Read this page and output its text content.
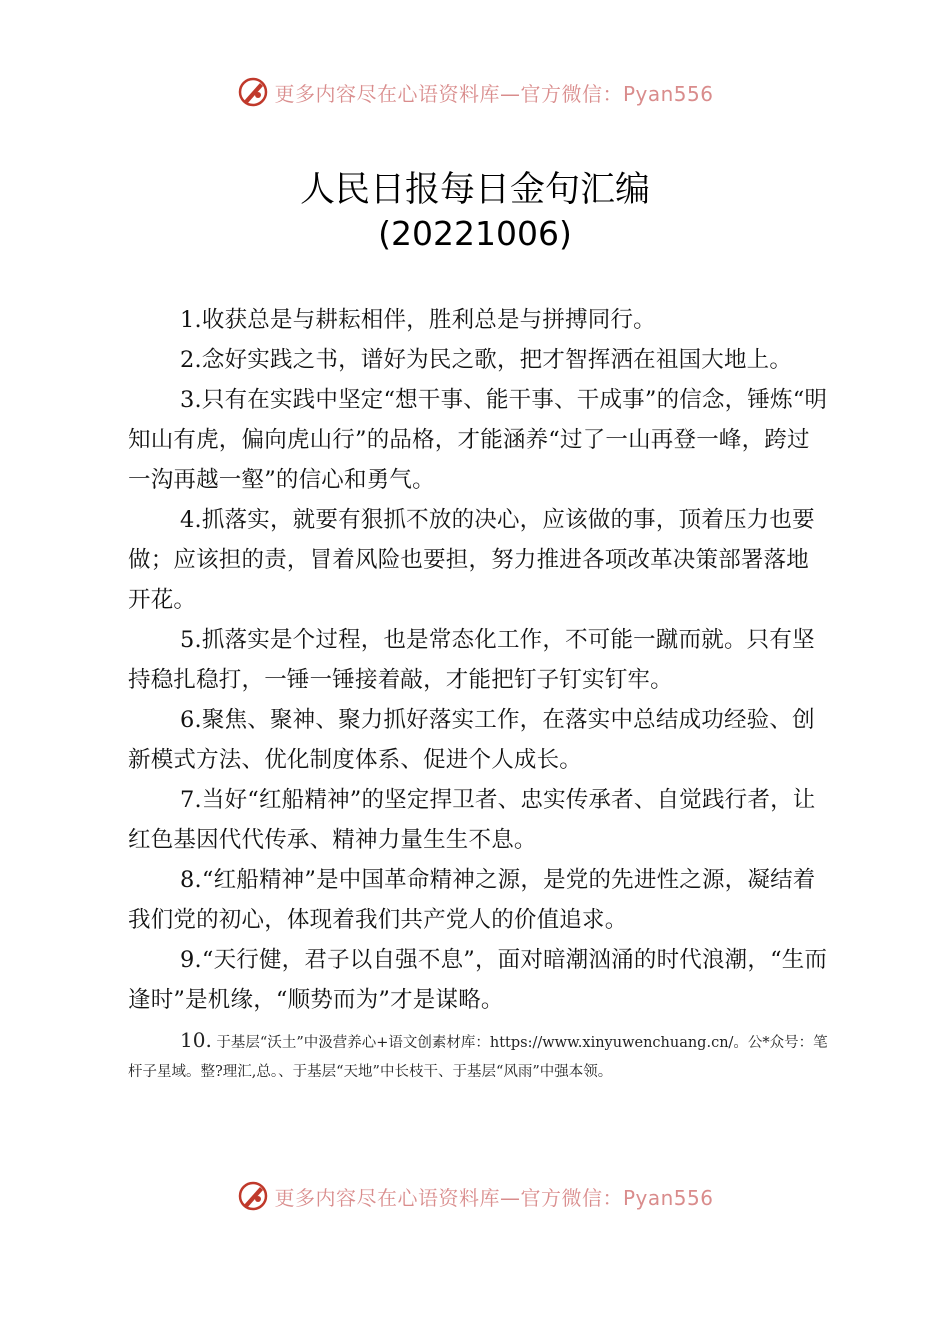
更多内容尽在心语资料库—官方微信：Pyan556
人民日报每日金句汇编
(20221006)

1.收获总是与耕耘相伴，胜利总是与拼搏同行。

2.念好实践之书，谱好为民之歌，把才智挥洒在祖国大地上。

3.只有在实践中坚定“想干事、能干事、干成事”的信念，锤炼“明知山有虎，偏向虎山行”的品格，才能涵养“过了一山再登一峰，跨过一沟再越一壑”的信心和勇气。

4.抓落实，就要有狠抓不放的决心，应该做的事，顶着压力也要做；应该担的责，冒着风险也要担，努力推进各项改革决策部署落地开花。

5.抓落实是个过程，也是常态化工作，不可能一蹴而就。只有坚持稳扎稳打，一锤一锤接着敲，才能把钉子钉实钉牢。

6.聚焦、聚神、聚力抓好落实工作，在落实中总结成功经验、创新模式方法、优化制度体系、促进个人成长。

7.当好“红船精神”的坚定捍卫者、忠实传承者、自觉践行者，让红色基因代代传承、精神力量生生不息。

8.“红船精神”是中国革命精神之源，是党的先进性之源，凝结着我们党的初心，体现着我们共产党人的价值追求。

9.“天行健，君子以自强不息”，面对暗潮汹涌的时代浪潮，“生而逢时”是机缘，“顺势而为”才是谋略。

10. 于基层“沃土”中汲营养心+语文创素材库：https://www.xinyuwenchuang.cn/。公*众号：笔杆子星域。整?理汇,总。、于基层“天地”中长枝干、于基层“风雨”中强本领。

更多内容尽在心语资料库—官方微信：Pyan556
